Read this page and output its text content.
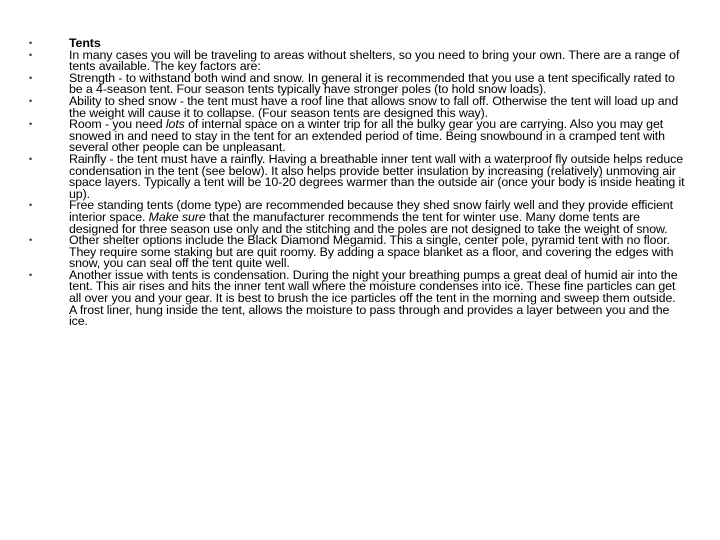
•	Tents
•	In many cases you will be traveling to areas without shelters, so you need to bring your own. There are a range of tents available. The key factors are:
•	Strength - to withstand both wind and snow. In general it is recommended that you use a tent specifically rated to be a 4-season tent. Four season tents typically have stronger poles (to hold snow loads).
•	Ability to shed snow - the tent must have a roof line that allows snow to fall off. Otherwise the tent will load up and the weight will cause it to collapse. (Four season tents are designed this way).
•	Room - you need lots of internal space on a winter trip for all the bulky gear you are carrying. Also you may get snowed in and need to stay in the tent for an extended period of time. Being snowbound in a cramped tent with several other people can be unpleasant.
•	Rainfly - the tent must have a rainfly. Having a breathable inner tent wall with a waterproof fly outside helps reduce condensation in the tent (see below). It also helps provide better insulation by increasing (relatively) unmoving air space layers. Typically a tent will be 10-20 degrees warmer than the outside air (once your body is inside heating it up).
•	Free standing tents (dome type) are recommended because they shed snow fairly well and they provide efficient interior space. Make sure that the manufacturer recommends the tent for winter use. Many dome tents are designed for three season use only and the stitching and the poles are not designed to take the weight of snow.
•	Other shelter options include the Black Diamond Megamid. This a single, center pole, pyramid tent with no floor. They require some staking but are quit roomy. By adding a space blanket as a floor, and covering the edges with snow, you can seal off the tent quite well.
•	Another issue with tents is condensation. During the night your breathing pumps a great deal of humid air into the tent. This air rises and hits the inner tent wall where the moisture condenses into ice. These fine particles can get all over you and your gear. It is best to brush the ice particles off the tent in the morning and sweep them outside. A frost liner, hung inside the tent, allows the moisture to pass through and provides a layer between you and the ice.
